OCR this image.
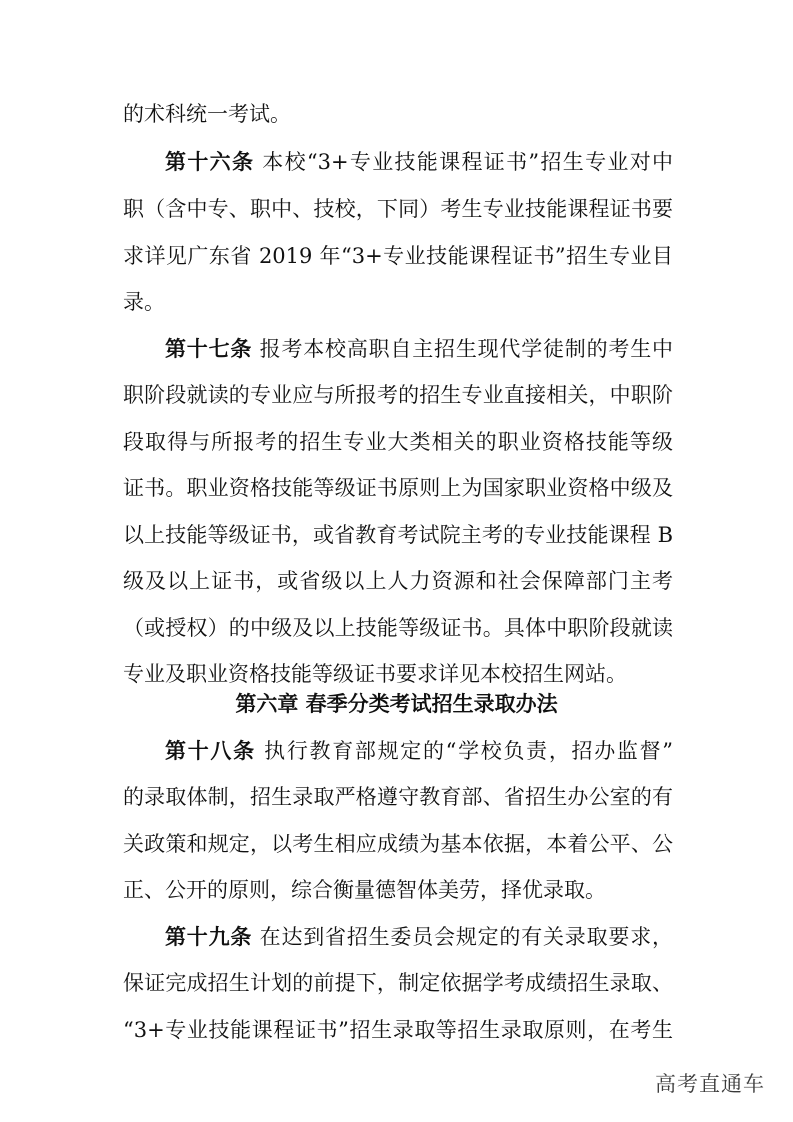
的术科统一考试。
第十六条 本校“3+专业技能课程证书”招生专业对中
职（含中专、职中、技校，下同）考生专业技能课程证书要
求详见广东省 2019 年“3+专业技能课程证书”招生专业目
录。
第十七条 报考本校高职自主招生现代学徒制的考生中
职阶段就读的专业应与所报考的招生专业直接相关，中职阶
段取得与所报考的招生专业大类相关的职业资格技能等级
证书。职业资格技能等级证书原则上为国家职业资格中级及
以上技能等级证书，或省教育考试院主考的专业技能课程 B
级及以上证书，或省级以上人力资源和社会保障部门主考
（或授权）的中级及以上技能等级证书。具体中职阶段就读
专业及职业资格技能等级证书要求详见本校招生网站。
第六章 春季分类考试招生录取办法
第十八条 执行教育部规定的“学校负责，招办监督”
的录取体制，招生录取严格遵守教育部、省招生办公室的有
关政策和规定，以考生相应成绩为基本依据，本着公平、公
正、公开的原则，综合衡量德智体美劳，择优录取。
第十九条 在达到省招生委员会规定的有关录取要求，
保证完成招生计划的前提下，制定依据学考成绩招生录取、
“3+专业技能课程证书”招生录取等招生录取原则，在考生
高考直通车
